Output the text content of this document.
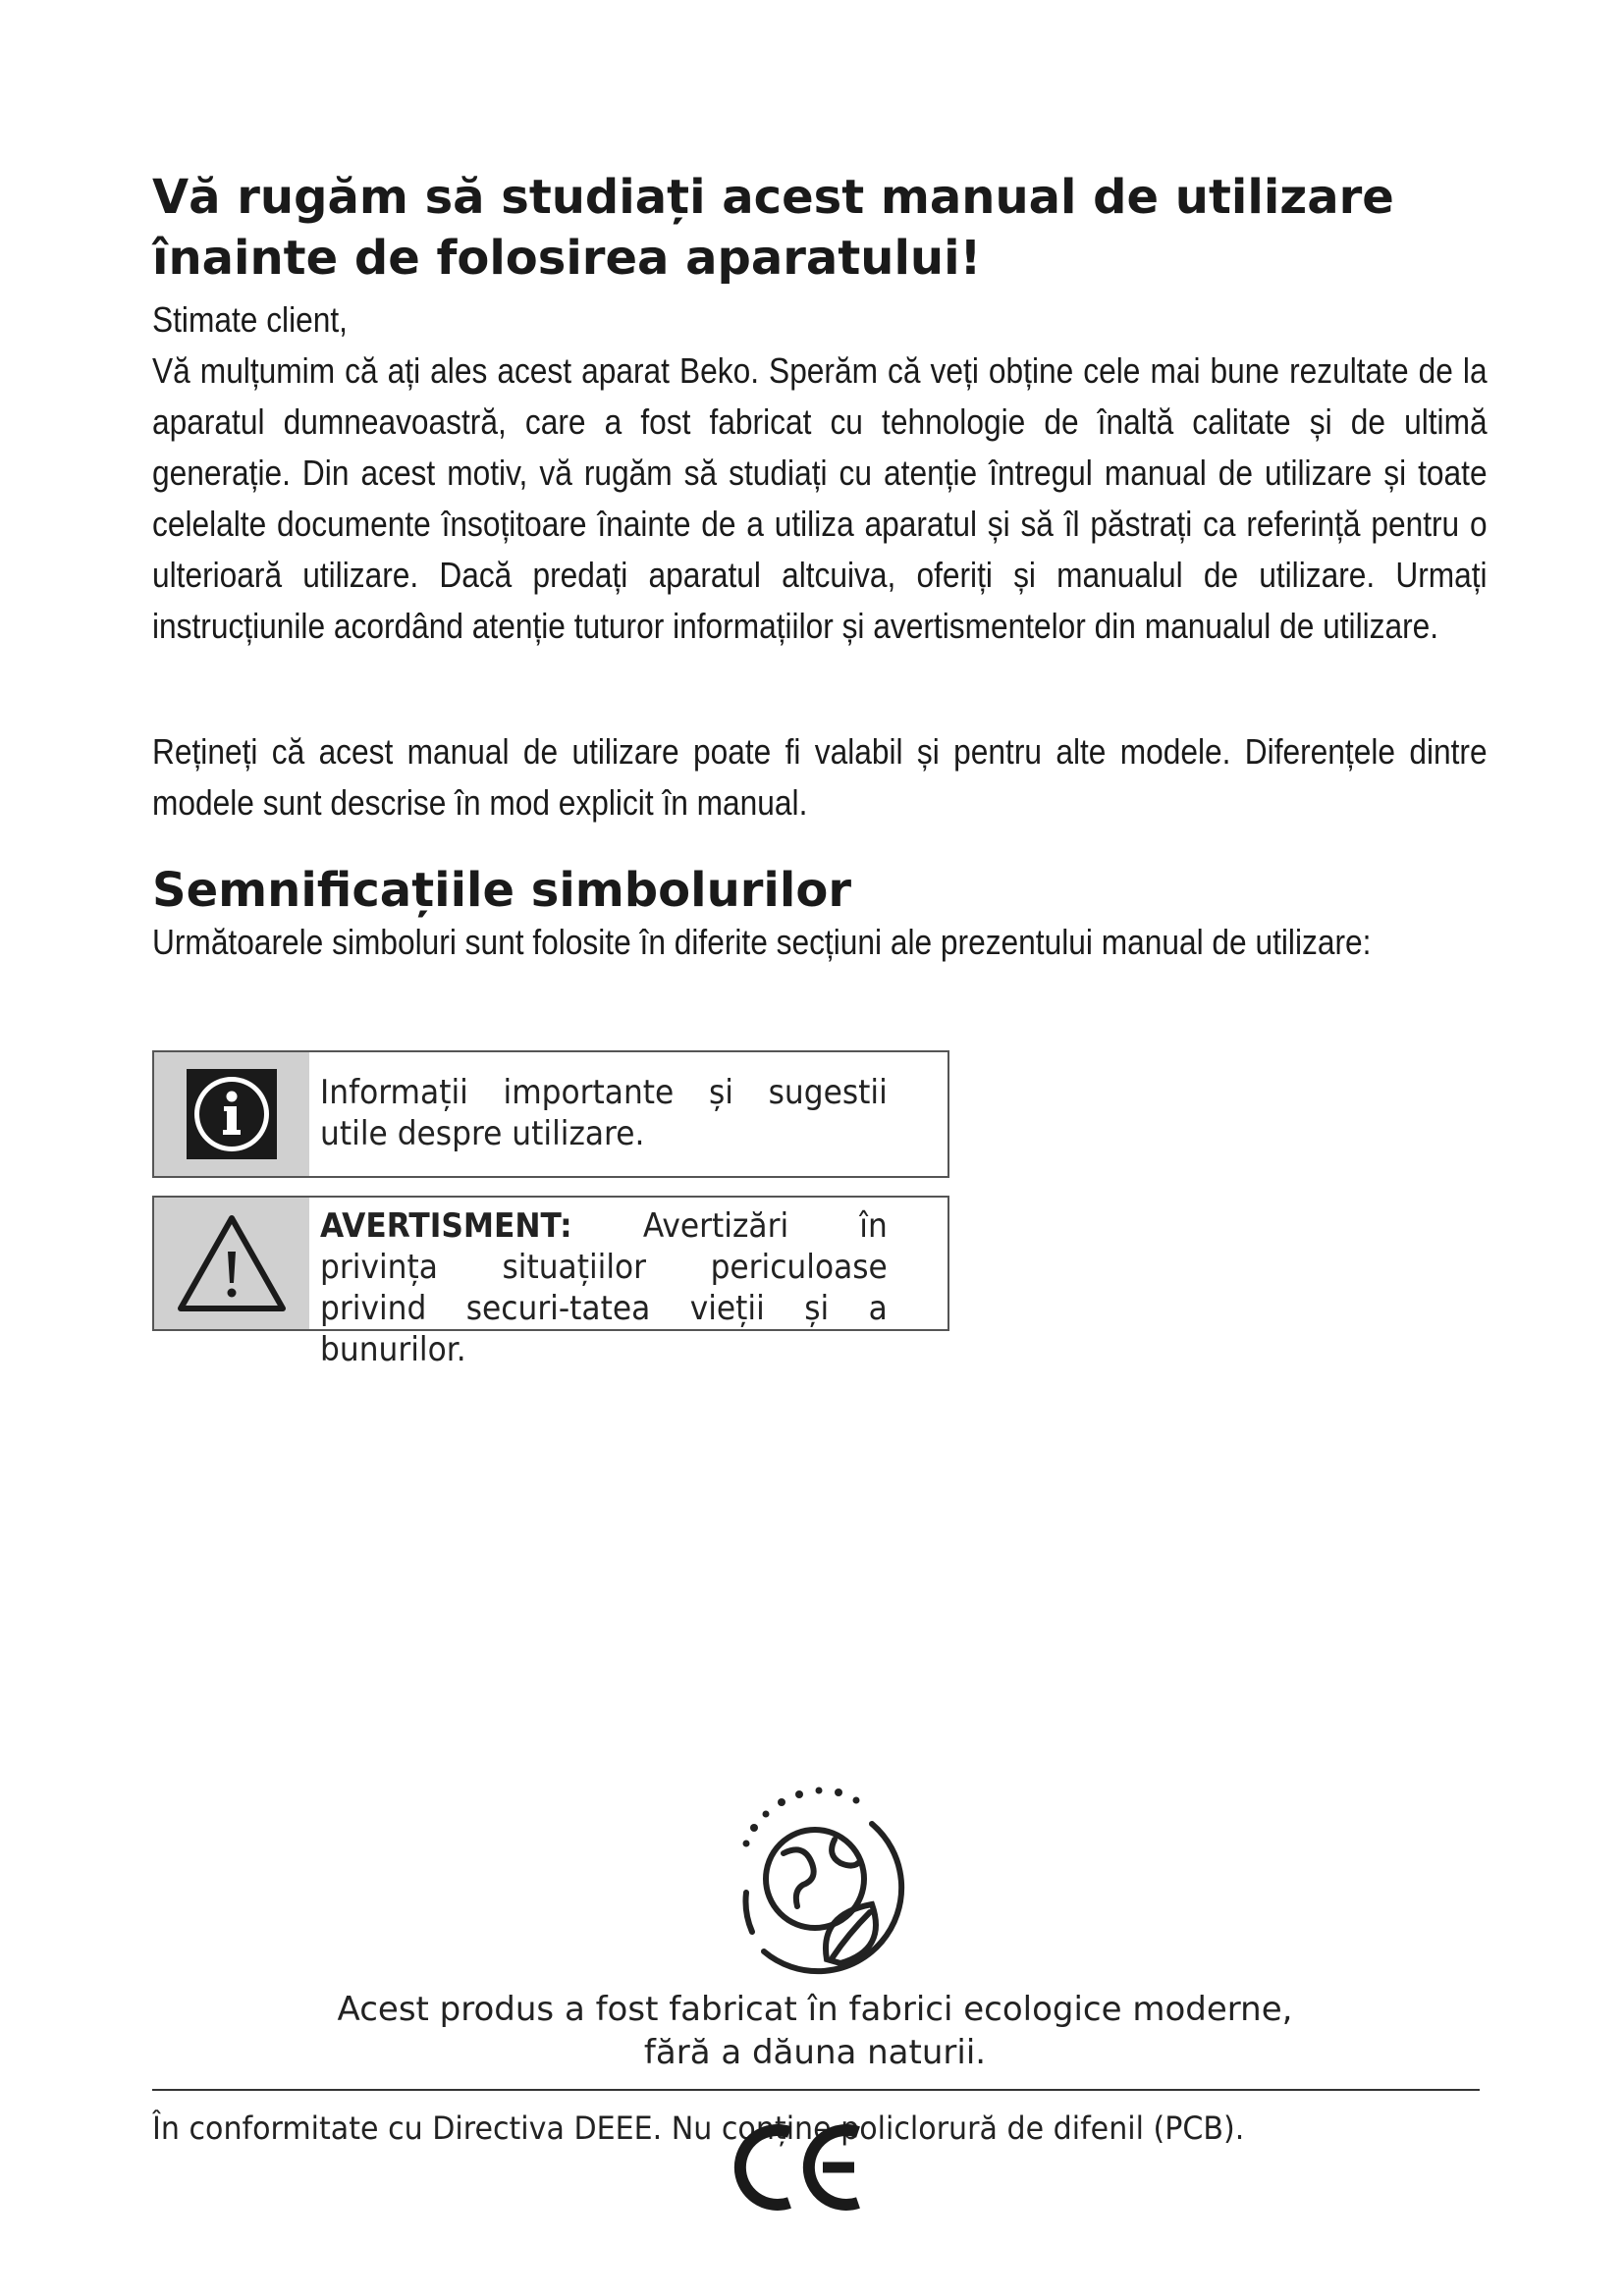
Vă rugăm să studiați acest manual de utilizare înainte de folosirea aparatului!

Stimate client,

Vă mulțumim că ați ales acest aparat Beko. Sperăm că veți obține cele mai bune rezultate de la aparatul dumneavoastră, care a fost fabricat cu tehnologie de înaltă calitate și de ultimă generație. Din acest motiv, vă rugăm să studiați cu atenție întregul manual de utilizare și toate celelalte documente însoțitoare înainte de a utiliza aparatul și să îl păstrați ca referință pentru o ulterioară utilizare. Dacă predați aparatul altcuiva, oferiți și manualul de utilizare. Urmați instrucțiunile acordând atenție tuturor informațiilor și avertismentelor din manualul de utilizare.

Rețineți că acest manual de utilizare poate fi valabil și pentru alte modele. Diferențele dintre modele sunt descrise în mod explicit în manual.

Semnificațiile simbolurilor

Următoarele simboluri sunt folosite în diferite secțiuni ale prezentului manual de utilizare:

Informații importante și sugestii utile despre utilizare.
AVERTISMENT: Avertizări în privința situațiilor periculoase privind securi-tatea vieții și a bunurilor.

Acest produs a fost fabricat în fabrici ecologice moderne,
fără a dăuna naturii.

În conformitate cu Directiva DEEE. Nu conține policlorură de difenil (PCB).
